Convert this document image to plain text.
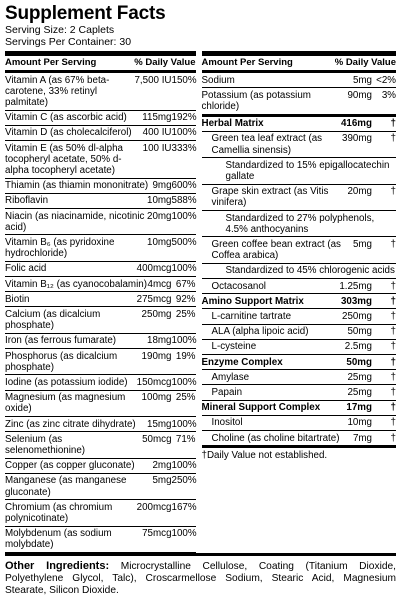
Supplement Facts
Serving Size: 2 Caplets
Servings Per Container: 30
Amount Per Serving	% Daily Value
Vitamin A (as 67% beta-carotene, 33% retinyl palmitate)
7,500 IU 150%
Vitamin C (as ascorbic acid)	115mg 192%
Vitamin D (as cholecalciferol)	400 IU 100%
Vitamin E (as 50% dl-alpha tocopheryl acetate, 50% d-alpha tocopheryl acetate)
100 IU 333%
Thiamin (as thiamin mononitrate) 9mg 600%
Riboflavin	10mg 588%
Niacin (as niacinamide, nicotinic acid)
20mg 100%
Vitamin B₆ (as pyridoxine hydrochloride)
10mg 500%
Folic acid	400mcg 100%
Vitamin B₁₂ (as cyanocobalamin) 4mcg 67%
Biotin	275mcg 92%
Calcium (as dicalcium phosphate)
250mg 25%
Iron (as ferrous fumarate)	18mg 100%
Phosphorus (as dicalcium phosphate)
190mg 19%
Iodine (as potassium iodide) 150mcg 100%
Magnesium (as magnesium oxide)
100mg 25%
Zinc (as zinc citrate dihydrate)	15mg 100%
Selenium (as selenomethionine)
50mcg 71%
Copper (as copper gluconate)	2mg 100%
Manganese (as manganese gluconate)
5mg 250%
Chromium (as chromium polynicotinate)
200mcg 167%
Molybdenum (as sodium molybdate)
75mcg 100%
Amount Per Serving	% Daily Value
Sodium	5mg <2%
Potassium (as potassium chloride)
90mg	3%
Herbal Matrix	416mg	†
Green tea leaf extract (as Camellia sinensis)
390mg	†
Standardized to 15% epigallocatechin gallate
Grape skin extract (as Vitis vinifera)
20mg	†
Standardized to 27% polyphenols, 4.5% anthocyanins
Green coffee bean extract (as Coffea arabica)
5mg	†
Standardized to 45% chlorogenic acids
Octacosanol	1.25mg	†
Amino Support Matrix	303mg	†
L-carnitine tartrate	250mg	†
ALA (alpha lipoic acid)	50mg	†
L-cysteine	2.5mg	†
Enzyme Complex	50mg	†
Amylase	25mg	†
Papain	25mg	†
Mineral Support Complex	17mg	†
Inositol	10mg	†
Choline (as choline bitartrate)	7mg	†
†Daily Value not established.
Other Ingredients: Microcrystalline Cellulose, Coating (Titanium Dioxide, Polyethylene Glycol, Talc), Croscarmellose Sodium, Stearic Acid, Magnesium Stearate, Silicon Dioxide.
